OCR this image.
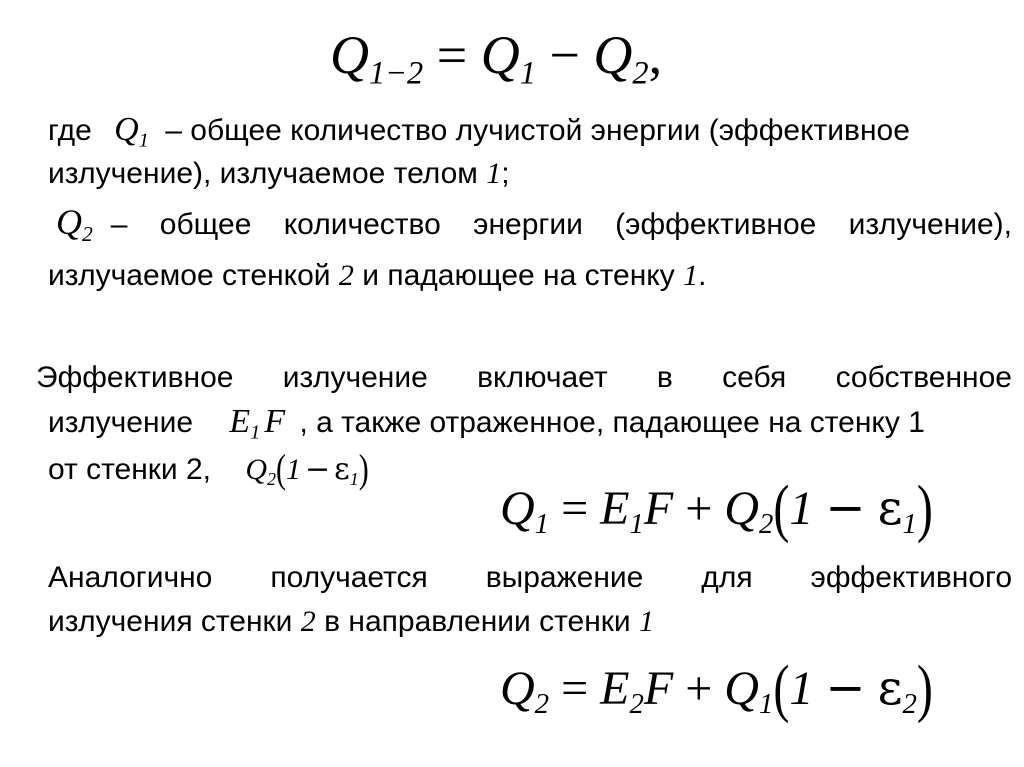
$Q_{1-2} = Q_1 - Q_2$,
где $Q_1$ – общее количество лучистой энергии (эффективное
излучение), излучаемое телом 1;
$Q_2$ – общее количество энергии (эффективное излучение),
излучаемое стенкой 2 и падающее на стенку 1.
Эффективное излучение включает в себя собственное
излучение $E_1$ F , а также отраженное, падающее на стенку 1
от стенки 2, $Q_2(1 - \varepsilon_1)$
$Q_1 = E_1F + Q_2(1 - \varepsilon_1)$
Аналогично получается выражение для эффективного
излучения стенки 2 в направлении стенки 1
$Q_2 = E_2F + Q_1(1 - \varepsilon_2)$
